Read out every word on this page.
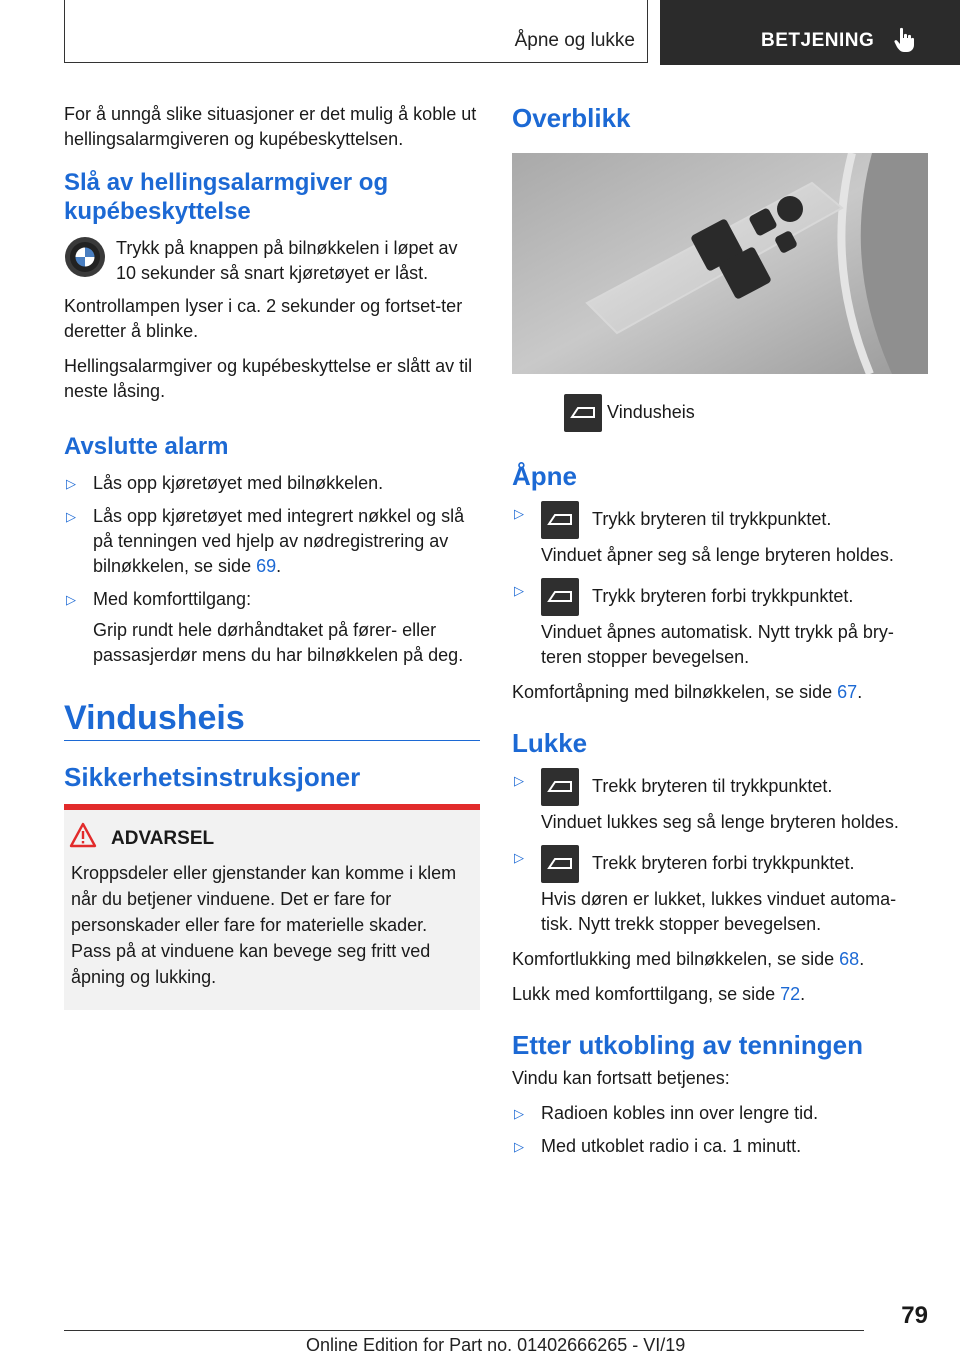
Åpne og lukke	BETJENING

For å unngå slike situasjoner er det mulig å koble ut hellingsalarmgiveren og kupébeskyttelsen.

Slå av hellingsalarmgiver og kupébeskyttelse
Trykk på knappen på bilnøkkelen i løpet av 10 sekunder så snart kjøretøyet er låst.

Kontrollampen lyser i ca. 2 sekunder og fortset-ter deretter å blinke.

Hellingsalarmgiver og kupébeskyttelse er slått av til neste låsing.

Avslutte alarm
▷ Lås opp kjøretøyet med bilnøkkelen.
▷ Lås opp kjøretøyet med integrert nøkkel og slå på tenningen ved hjelp av nødregistrering av bilnøkkelen, se side 69.
▷ Med komforttilgang:
Grip rundt hele dørhåndtaket på fører- eller passasjerdør mens du har bilnøkkelen på deg.
Vindusheis
Sikkerhetsinstruksjoner
ADVARSEL

Kroppsdeler eller gjenstander kan komme i klem når du betjener vinduene. Det er fare for personskader eller fare for materielle skader. Pass på at vinduene kan bevege seg fritt ved åpning og lukking.

Overblikk
Vindusheis
Åpne
▷	Trykk bryteren til trykkpunktet.
Vinduet åpner seg så lenge bryteren holdes.
▷	Trykk bryteren forbi trykkpunktet.
Vinduet åpnes automatisk. Nytt trykk på bry-teren stopper bevegelsen.

Komfortåpning med bilnøkkelen, se side 67.

Lukke
▷	Trekk bryteren til trykkpunktet.
Vinduet lukkes seg så lenge bryteren holdes.
▷	Trekk bryteren forbi trykkpunktet.
Hvis døren er lukket, lukkes vinduet automa-tisk. Nytt trekk stopper bevegelsen.

Komfortlukking med bilnøkkelen, se side 68.

Lukk med komforttilgang, se side 72.

Etter utkobling av tenningen

Vindu kan fortsatt betjenes:

▷ Radioen kobles inn over lengre tid.
▷ Med utkoblet radio i ca. 1 minutt.
79
Online Edition for Part no. 01402666265 - VI/19
